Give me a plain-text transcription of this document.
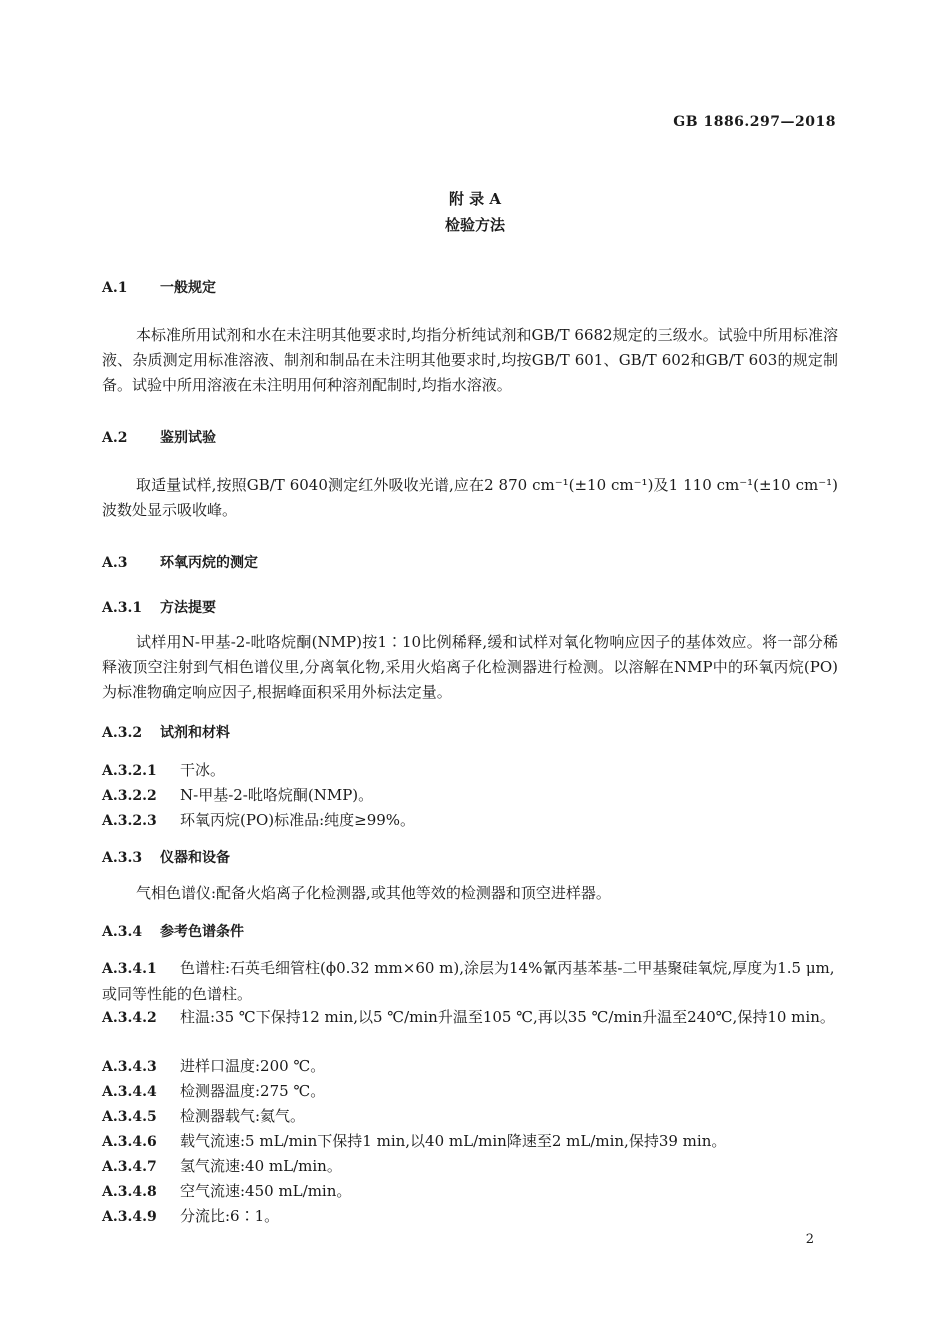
GB 1886.297—2018
附 录 A
检验方法
A.1 一般规定
本标准所用试剂和水在未注明其他要求时,均指分析纯试剂和GB/T 6682规定的三级水。试验中所用标准溶液、杂质测定用标准溶液、制剂和制品在未注明其他要求时,均按GB/T 601、GB/T 602和GB/T 603的规定制备。试验中所用溶液在未注明用何种溶剂配制时,均指水溶液。
A.2 鉴别试验
取适量试样,按照GB/T 6040测定红外吸收光谱,应在2 870 cm⁻¹(±10 cm⁻¹)及1 110 cm⁻¹(±10 cm⁻¹)波数处显示吸收峰。
A.3 环氧丙烷的测定
A.3.1 方法提要
试样用N-甲基-2-吡咯烷酮(NMP)按1∶10比例稀释,缓和试样对氧化物响应因子的基体效应。将一部分稀释液顶空注射到气相色谱仪里,分离氧化物,采用火焰离子化检测器进行检测。以溶解在NMP中的环氧丙烷(PO)为标准物确定响应因子,根据峰面积采用外标法定量。
A.3.2 试剂和材料
A.3.2.1 干冰。
A.3.2.2 N-甲基-2-吡咯烷酮(NMP)。
A.3.2.3 环氧丙烷(PO)标准品:纯度≥99%。
A.3.3 仪器和设备
气相色谱仪:配备火焰离子化检测器,或其他等效的检测器和顶空进样器。
A.3.4 参考色谱条件
A.3.4.1 色谱柱:石英毛细管柱(ϕ0.32 mm×60 m),涂层为14%氰丙基苯基-二甲基聚硅氧烷,厚度为1.5 μm,或同等性能的色谱柱。
A.3.4.2 柱温:35 ℃下保持12 min,以5 ℃/min升温至105 ℃,再以35 ℃/min升温至240℃,保持10 min。
A.3.4.3 进样口温度:200 ℃。
A.3.4.4 检测器温度:275 ℃。
A.3.4.5 检测器载气:氦气。
A.3.4.6 载气流速:5 mL/min下保持1 min,以40 mL/min降速至2 mL/min,保持39 min。
A.3.4.7 氢气流速:40 mL/min。
A.3.4.8 空气流速:450 mL/min。
A.3.4.9 分流比:6∶1。
2
